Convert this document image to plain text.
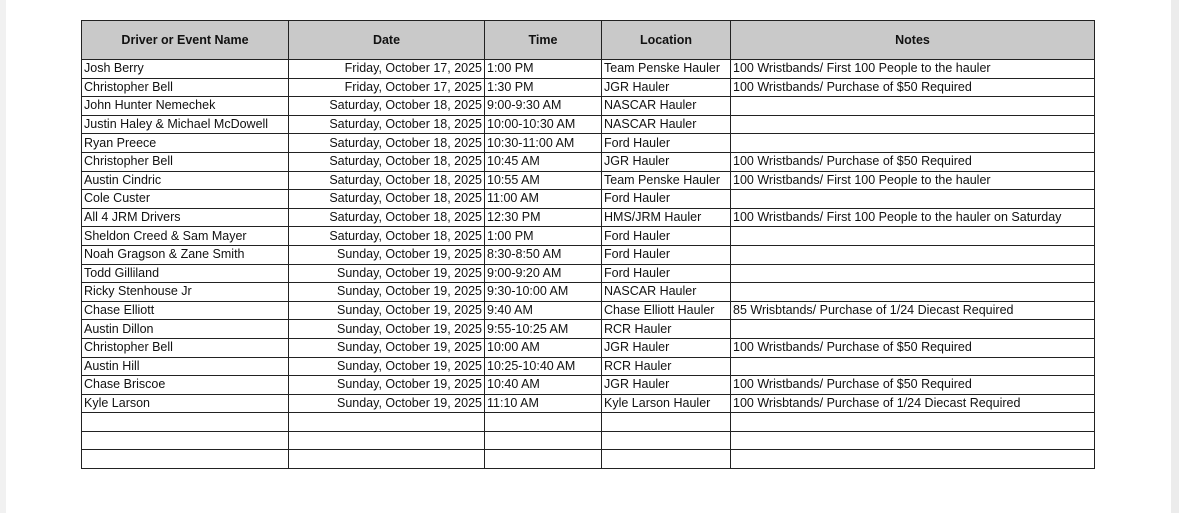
Driver or Event Name	Date	Time	Location	Notes
Josh Berry	Friday, October 17, 2025	1:00 PM	Team Penske Hauler	100 Wristbands/ First 100 People to the hauler
Christopher Bell	Friday, October 17, 2025	1:30 PM	JGR Hauler	100 Wristbands/ Purchase of $50 Required
John Hunter Nemechek	Saturday, October 18, 2025	9:00-9:30 AM	NASCAR Hauler	
Justin Haley & Michael McDowell	Saturday, October 18, 2025	10:00-10:30 AM	NASCAR Hauler	
Ryan Preece	Saturday, October 18, 2025	10:30-11:00 AM	Ford Hauler	
Christopher Bell	Saturday, October 18, 2025	10:45 AM	JGR Hauler	100 Wristbands/ Purchase of $50 Required
Austin Cindric	Saturday, October 18, 2025	10:55 AM	Team Penske Hauler	100 Wristbands/ First 100 People to the hauler
Cole Custer	Saturday, October 18, 2025	11:00 AM	Ford Hauler	
All 4 JRM Drivers	Saturday, October 18, 2025	12:30 PM	HMS/JRM Hauler	100 Wristbands/ First 100 People to the hauler on Saturday
Sheldon Creed & Sam Mayer	Saturday, October 18, 2025	1:00 PM	Ford Hauler	
Noah Gragson & Zane Smith	Sunday, October 19, 2025	8:30-8:50 AM	Ford Hauler	
Todd Gilliland	Sunday, October 19, 2025	9:00-9:20 AM	Ford Hauler	
Ricky Stenhouse Jr	Sunday, October 19, 2025	9:30-10:00 AM	NASCAR Hauler	
Chase Elliott	Sunday, October 19, 2025	9:40 AM	Chase Elliott Hauler	85 Wrisbtands/ Purchase of 1/24 Diecast Required
Austin Dillon	Sunday, October 19, 2025	9:55-10:25 AM	RCR Hauler	
Christopher Bell	Sunday, October 19, 2025	10:00 AM	JGR Hauler	100 Wristbands/ Purchase of $50 Required
Austin Hill	Sunday, October 19, 2025	10:25-10:40 AM	RCR Hauler	
Chase Briscoe	Sunday, October 19, 2025	10:40 AM	JGR Hauler	100 Wristbands/ Purchase of $50 Required
Kyle Larson	Sunday, October 19, 2025	11:10 AM	Kyle Larson Hauler	100 Wrisbtands/ Purchase of 1/24 Diecast Required
